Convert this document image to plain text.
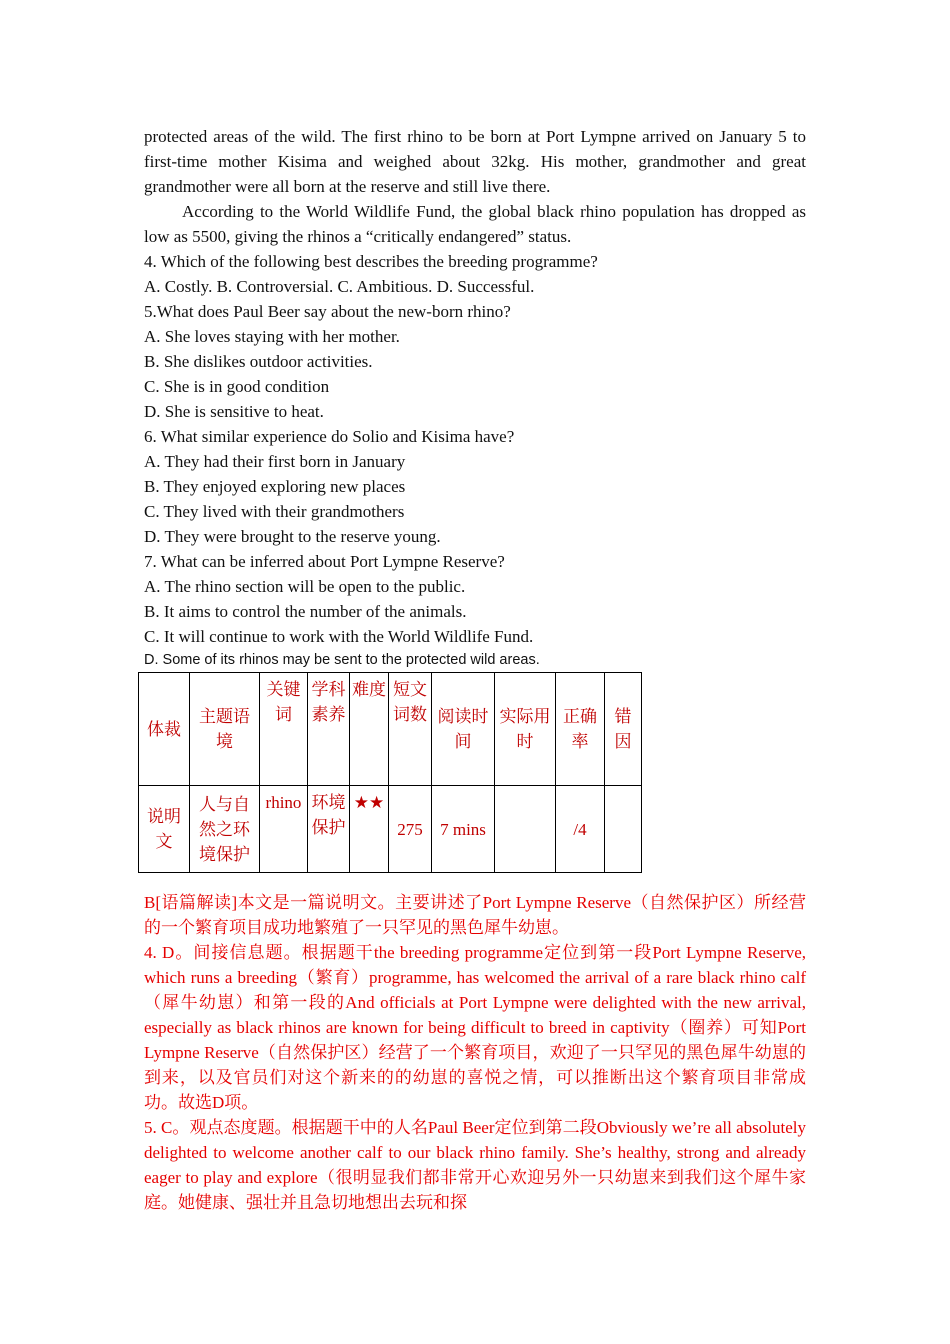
protected areas of the wild. The first rhino to be born at Port Lympne arrived on January 5 to first-time mother Kisima and weighed about 32kg. His mother, grandmother and great grandmother were all born at the reserve and still live there.
According to the World Wildlife Fund, the global black rhino population has dropped as low as 5500, giving the rhinos a “critically endangered” status.
4. Which of the following best describes the breeding programme?
A. Costly. B. Controversial. C. Ambitious. D. Successful.
5.What does Paul Beer say about the new-born rhino?
A. She loves staying with her mother.
B. She dislikes outdoor activities.
C. She is in good condition
D. She is sensitive to heat.
6. What similar experience do Solio and Kisima have?
A. They had their first born in January
B. They enjoyed exploring new places
C. They lived with their grandmothers
D. They were brought to the reserve young.
7. What can be inferred about Port Lympne Reserve?
A. The rhino section will be open to the public.
B. It aims to control the number of the animals.
C. It will continue to work with the World Wildlife Fund.
D. Some of its rhinos may be sent to the protected wild areas.
体裁	主题语境	关键词	学科素养	难度	短文词数	阅读时间	实际用时	正确率	错因
说明文	人与自然之环境保护	rhino	环境保护	★★	275	7 mins		/4	
B[语篇解读]本文是一篇说明文。主要讲述了Port Lympne Reserve（自然保护区）所经营的一个繁育项目成功地繁殖了一只罕见的黑色犀牛幼崽。
4. D。间接信息题。根据题干the breeding programme定位到第一段Port Lympne Reserve, which runs a breeding（繁育）programme, has welcomed the arrival of a rare black rhino calf（犀牛幼崽）和第一段的And officials at Port Lympne were delighted with the new arrival, especially as black rhinos are known for being difficult to breed in captivity（圈养）可知Port Lympne Reserve（自然保护区）经营了一个繁育项目，欢迎了一只罕见的黑色犀牛幼崽的到来，以及官员们对这个新来的的幼崽的喜悦之情，可以推断出这个繁育项目非常成功。故选D项。
5. C。观点态度题。根据题干中的人名Paul Beer定位到第二段Obviously we’re all absolutely delighted to welcome another calf to our black rhino family. She’s healthy, strong and already eager to play and explore（很明显我们都非常开心欢迎另外一只幼崽来到我们这个犀牛家庭。她健康、强壮并且急切地想出去玩和探
